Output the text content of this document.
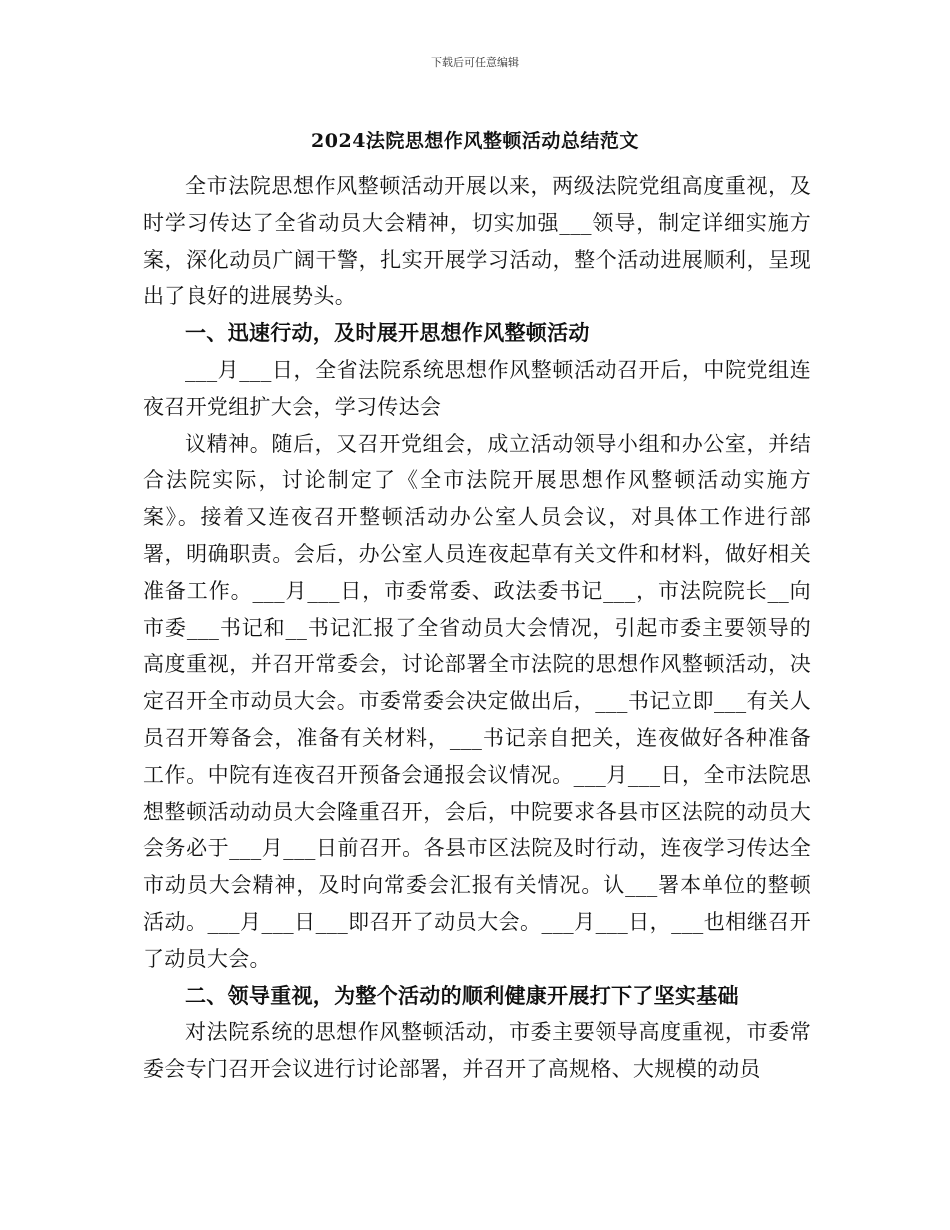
下载后可任意编辑
2024法院思想作风整顿活动总结范文

全市法院思想作风整顿活动开展以来，两级法院党组高度重视，及时学习传达了全省动员大会精神，切实加强___领导，制定详细实施方案，深化动员广阔干警，扎实开展学习活动，整个活动进展顺利，呈现出了良好的进展势头。

一、迅速行动，及时展开思想作风整顿活动

___月___日，全省法院系统思想作风整顿活动召开后，中院党组连夜召开党组扩大会，学习传达会

议精神。随后，又召开党组会，成立活动领导小组和办公室，并结合法院实际，讨论制定了《全市法院开展思想作风整顿活动实施方案》。接着又连夜召开整顿活动办公室人员会议，对具体工作进行部署，明确职责。会后，办公室人员连夜起草有关文件和材料，做好相关准备工作。___月___日，市委常委、政法委书记___，市法院院长__向市委___书记和__书记汇报了全省动员大会情况，引起市委主要领导的高度重视，并召开常委会，讨论部署全市法院的思想作风整顿活动，决定召开全市动员大会。市委常委会决定做出后，___书记立即___有关人员召开筹备会，准备有关材料，___书记亲自把关，连夜做好各种准备工作。中院有连夜召开预备会通报会议情况。___月___日，全市法院思想整顿活动动员大会隆重召开，会后，中院要求各县市区法院的动员大会务必于___月___日前召开。各县市区法院及时行动，连夜学习传达全市动员大会精神，及时向常委会汇报有关情况。认___署本单位的整顿活动。___月___日___即召开了动员大会。___月___日，___也相继召开了动员大会。

二、领导重视，为整个活动的顺利健康开展打下了坚实基础

对法院系统的思想作风整顿活动，市委主要领导高度重视，市委常委会专门召开会议进行讨论部署，并召开了高规格、大规模的动员
